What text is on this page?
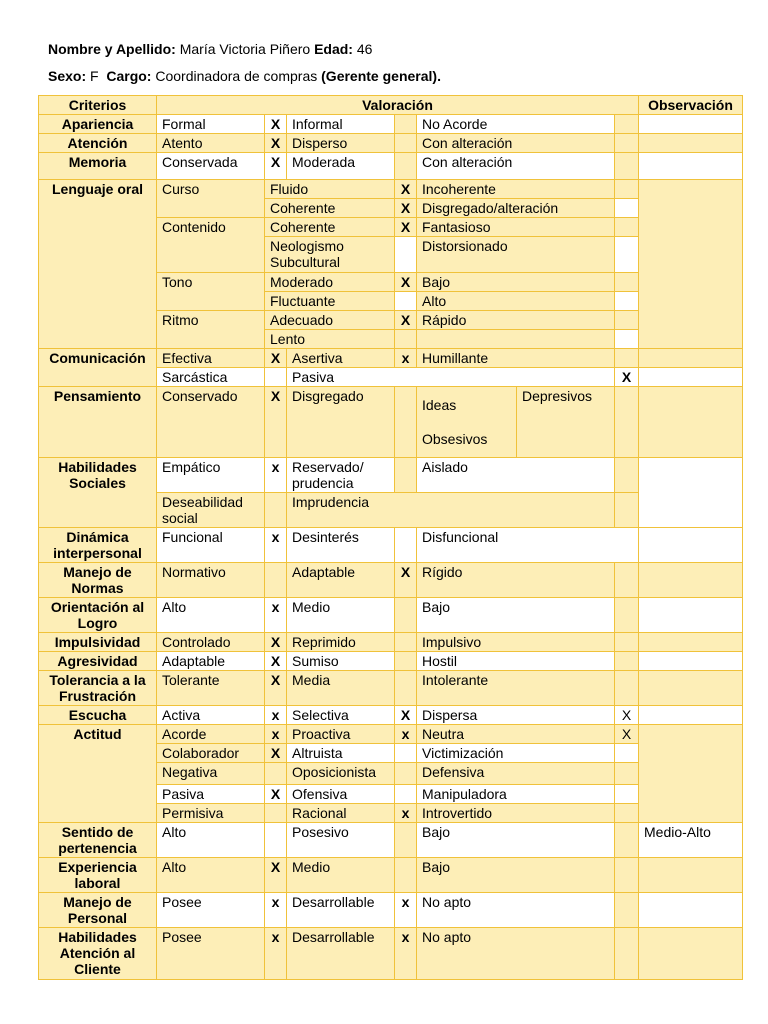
Nombre y Apellido: María Victoria Piñero Edad: 46
Sexo: F Cargo: Coordinadora de compras (Gerente general).
Criterios	Valoración							Observación
Apariencia	Formal	X	Informal		No Acorde			
Atención	Atento	X	Disperso		Con alteración			
Memoria	Conservada	X	Moderada		Con alteración			
Lenguaje oral	Curso	Fluido		X	Incoherente			
		Coherente		X	Disgregado/alteración			
	Contenido	Coherente		X	Fantasioso			
		Neologismo Subcultural			Distorsionado			
	Tono	Moderado		X	Bajo			
		Fluctuante			Alto			
	Ritmo	Adecuado		X	Rápido			
		Lento						
Comunicación	Efectiva	X	Asertiva	x	Humillante			
	Sarcástica		Pasiva				X	
Pensamiento	Conservado	X	Disgregado		Ideas Obsesivos	Depresivos		
Habilidades Sociales	Empático	x	Reservado/ prudencia		Aislado			
	Deseabilidad social		Imprudencia					
Dinámica interpersonal	Funcional	x	Desinterés		Disfuncional			
Manejo de Normas	Normativo		Adaptable	X	Rígido			
Orientación al Logro	Alto	x	Medio		Bajo			
Impulsividad	Controlado	X	Reprimido		Impulsivo			
Agresividad	Adaptable	X	Sumiso		Hostil			
Tolerancia a la Frustración	Tolerante	X	Media		Intolerante			
Escucha	Activa	x	Selectiva	X	Dispersa		X	
Actitud	Acorde	x	Proactiva	x	Neutra		X	
	Colaborador	X	Altruista		Victimización			
	Negativa		Oposicionista		Defensiva			
	Pasiva	X	Ofensiva		Manipuladora			
	Permisiva		Racional	x	Introvertido			
Sentido de pertenencia	Alto		Posesivo		Bajo			Medio-Alto
Experiencia laboral	Alto	X	Medio		Bajo			
Manejo de Personal	Posee	x	Desarrollable	x	No apto			
Habilidades Atención al Cliente	Posee	x	Desarrollable	x	No apto			
